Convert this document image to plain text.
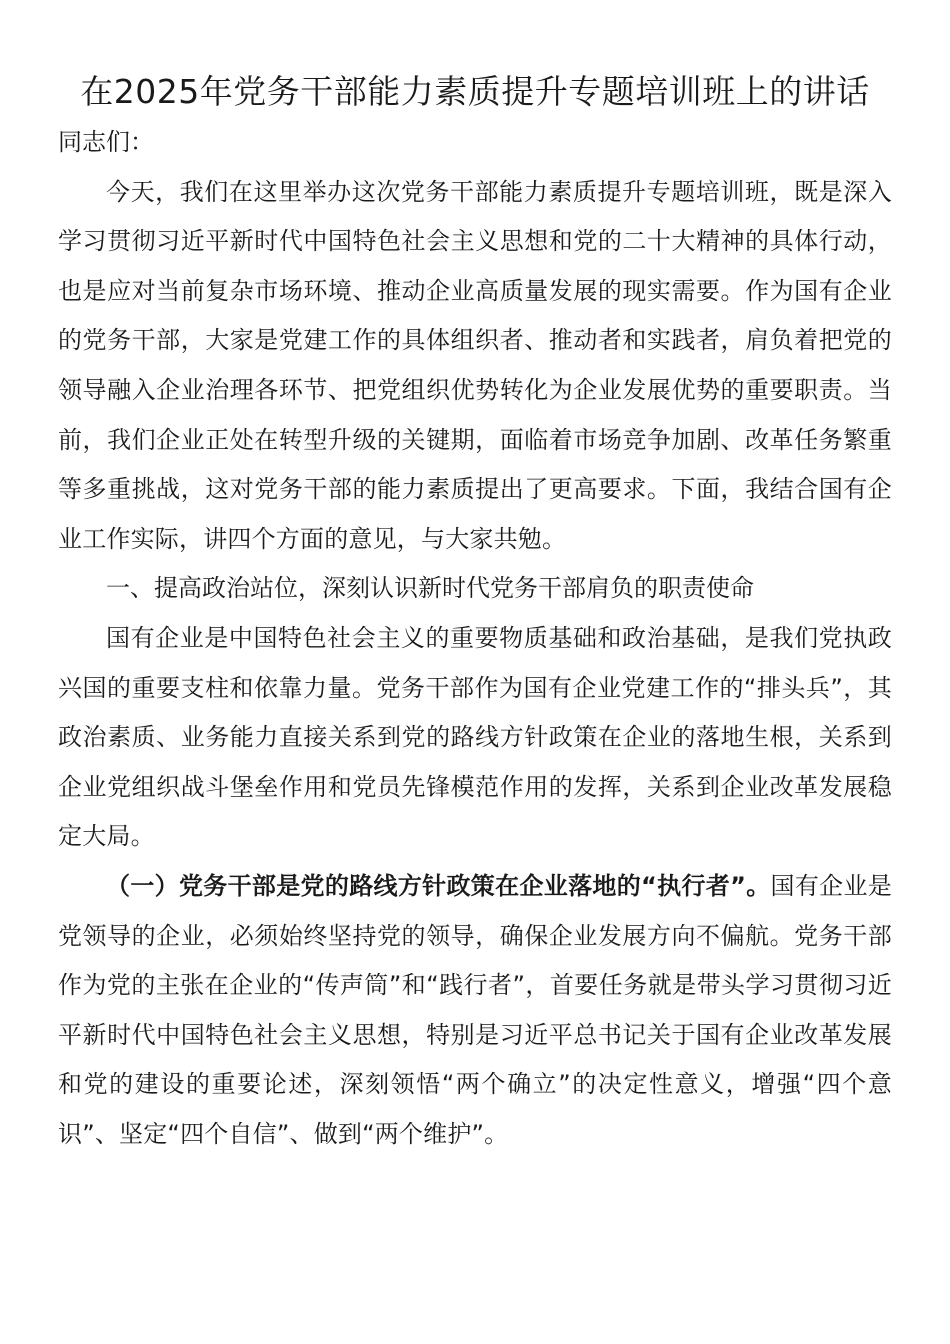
在2025年党务干部能力素质提升专题培训班上的讲话

同志们：

今天，我们在这里举办这次党务干部能力素质提升专题培训班，既是深入学习贯彻习近平新时代中国特色社会主义思想和党的二十大精神的具体行动，也是应对当前复杂市场环境、推动企业高质量发展的现实需要。作为国有企业的党务干部，大家是党建工作的具体组织者、推动者和实践者，肩负着把党的领导融入企业治理各环节、把党组织优势转化为企业发展优势的重要职责。当前，我们企业正处在转型升级的关键期，面临着市场竞争加剧、改革任务繁重等多重挑战，这对党务干部的能力素质提出了更高要求。下面，我结合国有企业工作实际，讲四个方面的意见，与大家共勉。

一、提高政治站位，深刻认识新时代党务干部肩负的职责使命

国有企业是中国特色社会主义的重要物质基础和政治基础，是我们党执政兴国的重要支柱和依靠力量。党务干部作为国有企业党建工作的“排头兵”，其政治素质、业务能力直接关系到党的路线方针政策在企业的落地生根，关系到企业党组织战斗堡垒作用和党员先锋模范作用的发挥，关系到企业改革发展稳定大局。

（一）党务干部是党的路线方针政策在企业落地的“执行者”。国有企业是党领导的企业，必须始终坚持党的领导，确保企业发展方向不偏航。党务干部作为党的主张在企业的“传声筒”和“践行者”，首要任务就是带头学习贯彻习近平新时代中国特色社会主义思想，特别是习近平总书记关于国有企业改革发展和党的建设的重要论述，深刻领悟“两个确立”的决定性意义，增强“四个意识”、坚定“四个自信”、做到“两个维护”。
